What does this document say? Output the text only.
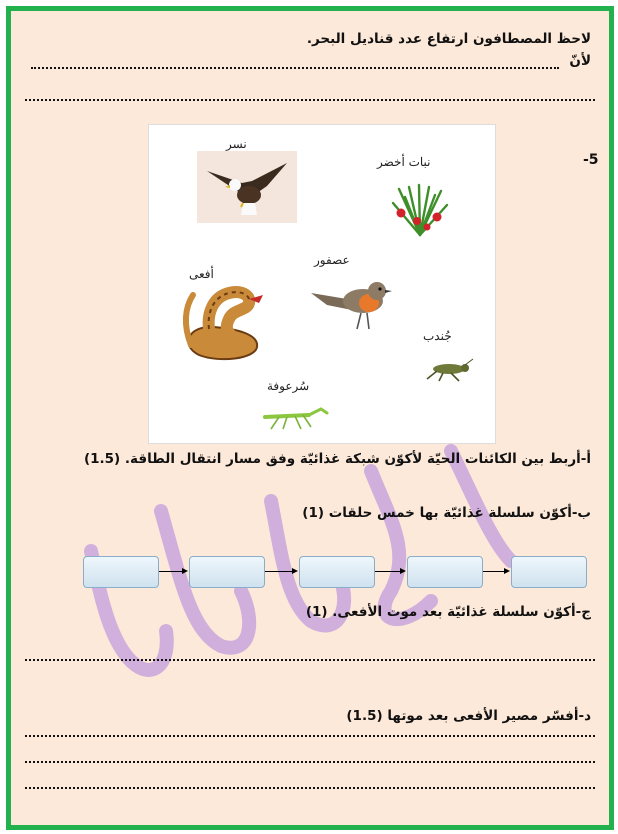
لاحظ المصطافون ارتفاع عدد قناديل البحر.
لأنّ
-5
نسر
نبات أخضر
أفعى
عصفور
جُندب
سُرعوفة
أ-أربط بين الكائنات الحيّة لأكوّن شبكة غذائيّة وفق مسار انتقال الطاقة. (1.5)
ب-أكوّن سلسلة غذائيّة بها خمس حلقات (1)
ج-أكوّن سلسلة غذائيّة بعد موت الأفعى. (1)
د-أفسّر مصير الأفعى بعد موتها (1.5)
